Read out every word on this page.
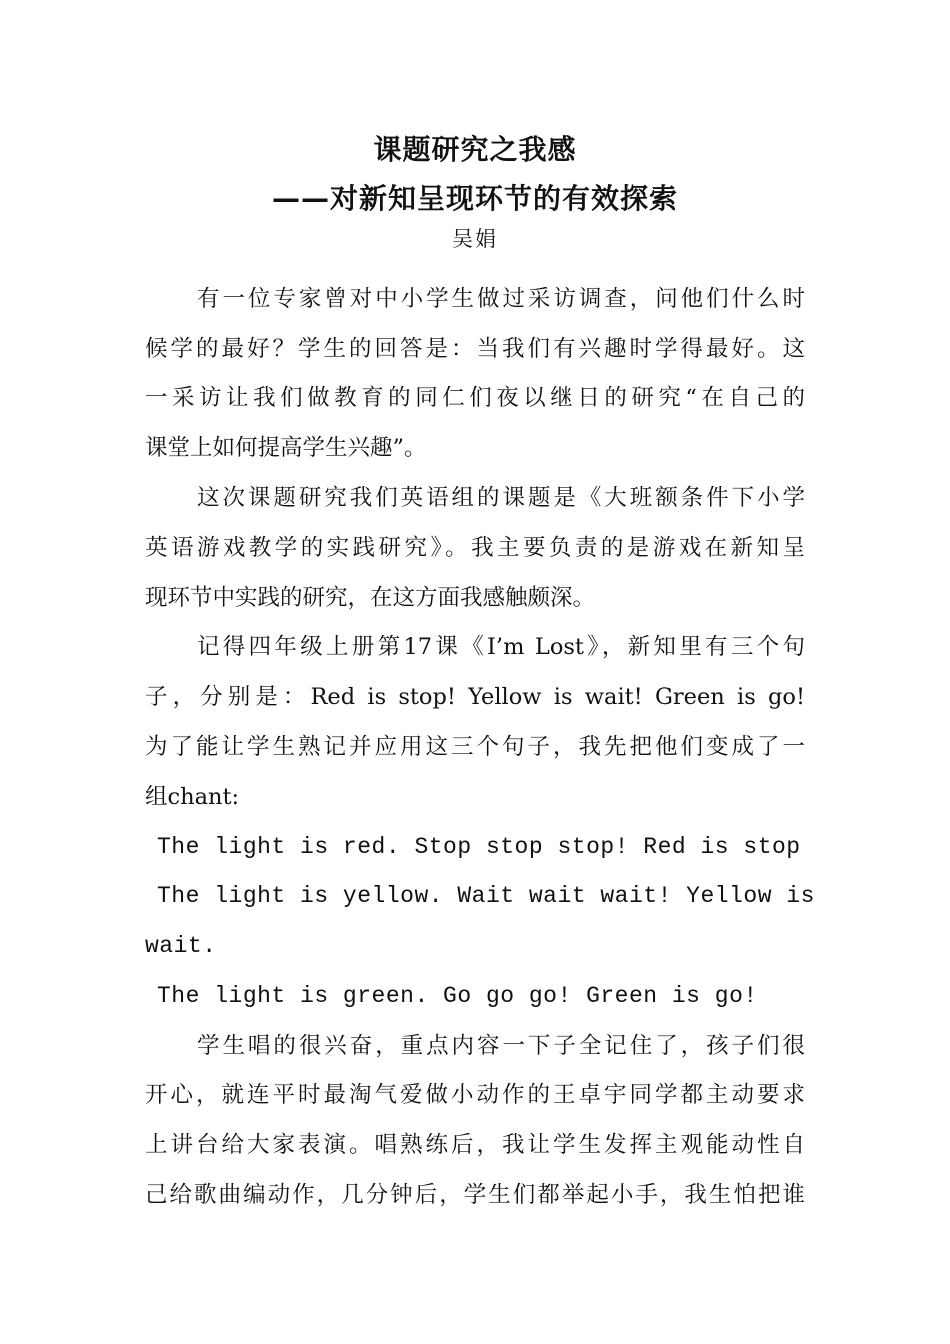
课题研究之我感
——对新知呈现环节的有效探索
吴娟
有一位专家曾对中小学生做过采访调查，问他们什么时
候学的最好？学生的回答是：当我们有兴趣时学得最好。这
一采访让我们做教育的同仁们夜以继日的研究“在自己的
课堂上如何提高学生兴趣”。
这次课题研究我们英语组的课题是《大班额条件下小学
英语游戏教学的实践研究》。我主要负责的是游戏在新知呈
现环节中实践的研究，在这方面我感触颇深。
记得四年级上册第17课《I’m Lost》，新知里有三个句
子，分别是：Red is stop! Yellow is wait! Green is go!
为了能让学生熟记并应用这三个句子，我先把他们变成了一
组chant:
The light is red. Stop stop stop! Red is stop
The light is yellow. Wait wait wait! Yellow is
wait.
The light is green. Go go go! Green is go!
学生唱的很兴奋，重点内容一下子全记住了，孩子们很
开心，就连平时最淘气爱做小动作的王卓宇同学都主动要求
上讲台给大家表演。唱熟练后，我让学生发挥主观能动性自
己给歌曲编动作，几分钟后，学生们都举起小手，我生怕把谁
